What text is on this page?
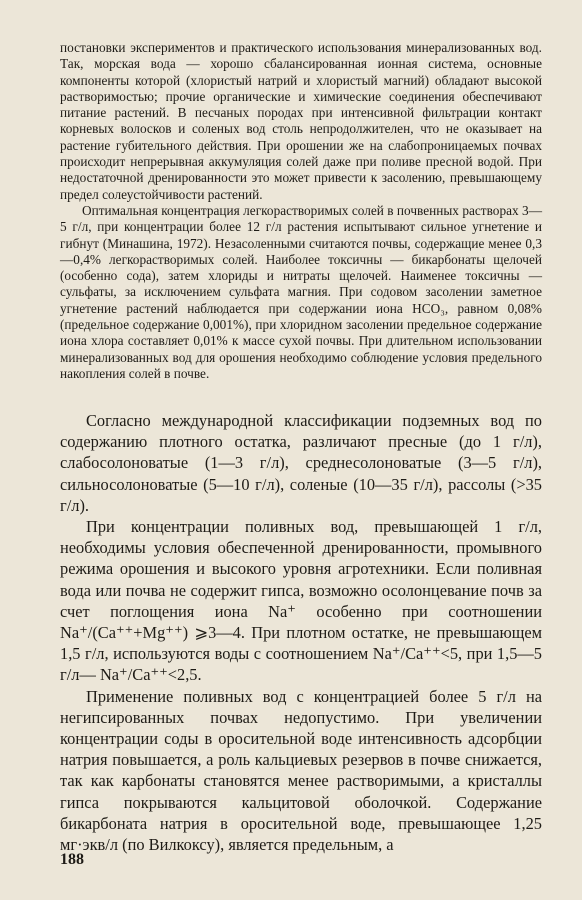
постановки экспериментов и практического использования минерализованных вод. Так, морская вода — хорошо сбалансированная ионная система, основные компоненты которой (хлористый натрий и хлористый магний) обладают высокой растворимостью; прочие органические и химические соединения обеспечивают питание растений. В песчаных породах при интенсивной фильтрации контакт корневых волосков и соленых вод столь непродолжителен, что не оказывает на растение губительного действия. При орошении же на слабопроницаемых почвах происходит непрерывная аккумуляция солей даже при поливе пресной водой. При недостаточной дренированности это может привести к засолению, превышающему предел солеустойчивости растений.

Оптимальная концентрация легкорастворимых солей в почвенных растворах 3—5 г/л, при концентрации более 12 г/л растения испытывают сильное угнетение и гибнут (Минашина, 1972). Незасоленными считаются почвы, содержащие менее 0,3—0,4% легкорастворимых солей. Наиболее токсичны — бикарбонаты щелочей (особенно сода), затем хлориды и нитраты щелочей. Наименее токсичны — сульфаты, за исключением сульфата магния. При содовом засолении заметное угнетение растений наблюдается при содержании иона HCO₃, равном 0,08% (предельное содержание 0,001%), при хлоридном засолении предельное содержание иона хлора составляет 0,01% к массе сухой почвы. При длительном использовании минерализованных вод для орошения необходимо соблюдение условия предельного накопления солей в почве.

Согласно международной классификации подземных вод по содержанию плотного остатка, различают пресные (до 1 г/л), слабосолоноватые (1—3 г/л), среднесолоноватые (3—5 г/л), сильносолоноватые (5—10 г/л), соленые (10—35 г/л), рассолы (>35 г/л).

При концентрации поливных вод, превышающей 1 г/л, необходимы условия обеспеченной дренированности, промывного режима орошения и высокого уровня агротехники. Если поливная вода или почва не содержит гипса, возможно осолонцевание почв за счет поглощения иона Na⁺ особенно при соотношении Na⁺/(Ca⁺⁺+Mg⁺⁺) ⩾3—4. При плотном остатке, не превышающем 1,5 г/л, используются воды с соотношением Na⁺/Ca⁺⁺<5, при 1,5—5 г/л— Na⁺/Ca⁺⁺<2,5.

Применение поливных вод с концентрацией более 5 г/л на негипсированных почвах недопустимо. При увеличении концентрации соды в оросительной воде интенсивность адсорбции натрия повышается, а роль кальциевых резервов в почве снижается, так как карбонаты становятся менее растворимыми, а кристаллы гипса покрываются кальцитовой оболочкой. Содержание бикарбоната натрия в оросительной воде, превышающее 1,25 мг·экв/л (по Вилкоксу), является предельным, а

188
